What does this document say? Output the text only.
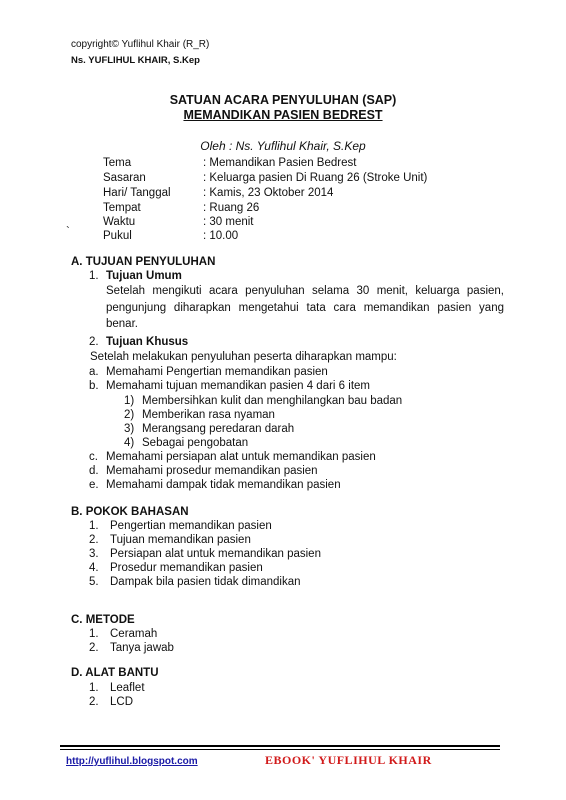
copyright© Yuflihul Khair (R_R)
Ns. YUFLIHUL KHAIR, S.Kep
SATUAN ACARA PENYULUHAN (SAP)
MEMANDIKAN PASIEN BEDREST
Oleh : Ns. Yuflihul Khair, S.Kep
Tema	: Memandikan Pasien Bedrest
Sasaran	: Keluarga pasien Di Ruang 26 (Stroke Unit)
Hari/ Tanggal	: Kamis, 23 Oktober 2014
Tempat	: Ruang 26
Waktu	: 30 menit
`	Pukul	: 10.00
A. TUJUAN PENYULUHAN
1. Tujuan Umum
Setelah mengikuti acara penyuluhan selama 30 menit, keluarga pasien, pengunjung diharapkan mengetahui tata cara memandikan pasien yang benar.
2. Tujuan Khusus
Setelah melakukan penyuluhan peserta diharapkan mampu:
a. Memahami Pengertian memandikan pasien
b. Memahami tujuan memandikan pasien 4 dari 6 item
1) Membersihkan kulit dan menghilangkan bau badan
2) Memberikan rasa nyaman
3) Merangsang peredaran darah
4) Sebagai pengobatan
c. Memahami persiapan alat untuk memandikan pasien
d. Memahami prosedur memandikan pasien
e. Memahami dampak tidak memandikan pasien
B. POKOK BAHASAN
1. Pengertian memandikan pasien
2. Tujuan memandikan pasien
3. Persiapan alat untuk memandikan pasien
4. Prosedur memandikan pasien
5. Dampak bila pasien tidak dimandikan
C. METODE
1. Ceramah
2. Tanya jawab
D. ALAT BANTU
1. Leaflet
2. LCD
http://yuflihul.blogspot.com	EBOOK' YUFLIHUL KHAIR
